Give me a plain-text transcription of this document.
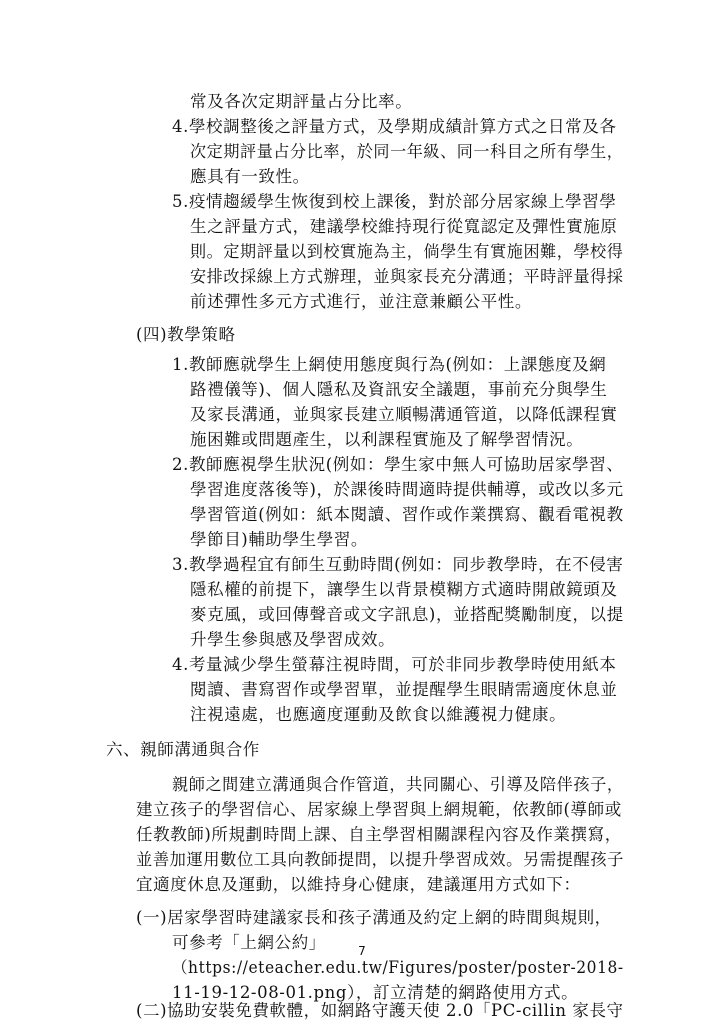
常及各次定期評量占分比率。

4.學校調整後之評量方式，及學期成績計算方式之日常及各

次定期評量占分比率，於同一年級、同一科目之所有學生，

應具有一致性。

5.疫情趨緩學生恢復到校上課後，對於部分居家線上學習學

生之評量方式，建議學校維持現行從寬認定及彈性實施原

則。定期評量以到校實施為主，倘學生有實施困難，學校得

安排改採線上方式辦理，並與家長充分溝通；平時評量得採

前述彈性多元方式進行，並注意兼顧公平性。

(四)教學策略

1.教師應就學生上網使用態度與行為(例如：上課態度及網

路禮儀等)、個人隱私及資訊安全議題，事前充分與學生

及家長溝通，並與家長建立順暢溝通管道，以降低課程實

施困難或問題產生，以利課程實施及了解學習情況。

2.教師應視學生狀況(例如：學生家中無人可協助居家學習、

學習進度落後等)，於課後時間適時提供輔導，或改以多元

學習管道(例如：紙本閱讀、習作或作業撰寫、觀看電視教

學節目)輔助學生學習。

3.教學過程宜有師生互動時間(例如：同步教學時，在不侵害

隱私權的前提下，讓學生以背景模糊方式適時開啟鏡頭及

麥克風，或回傳聲音或文字訊息)，並搭配獎勵制度，以提

升學生參與感及學習成效。

4.考量減少學生螢幕注視時間，可於非同步教學時使用紙本

閱讀、書寫習作或學習單，並提醒學生眼睛需適度休息並

注視遠處，也應適度運動及飲食以維護視力健康。

六、親師溝通與合作

親師之間建立溝通與合作管道，共同關心、引導及陪伴孩子，

建立孩子的學習信心、居家線上學習與上網規範，依教師(導師或

任教教師)所規劃時間上課、自主學習相關課程內容及作業撰寫，

並善加運用數位工具向教師提問，以提升學習成效。另需提醒孩子

宜適度休息及運動，以維持身心健康，建議運用方式如下：

(一)居家學習時建議家長和孩子溝通及約定上網的時間與規則，

可參考「上網公約」

（https://eteacher.edu.tw/Figures/poster/poster-2018-

11-19-12-08-01.png），訂立清楚的網路使用方式。

(二)協助安裝免費軟體，如網路守護天使 2.0「PC-cillin 家長守

7
